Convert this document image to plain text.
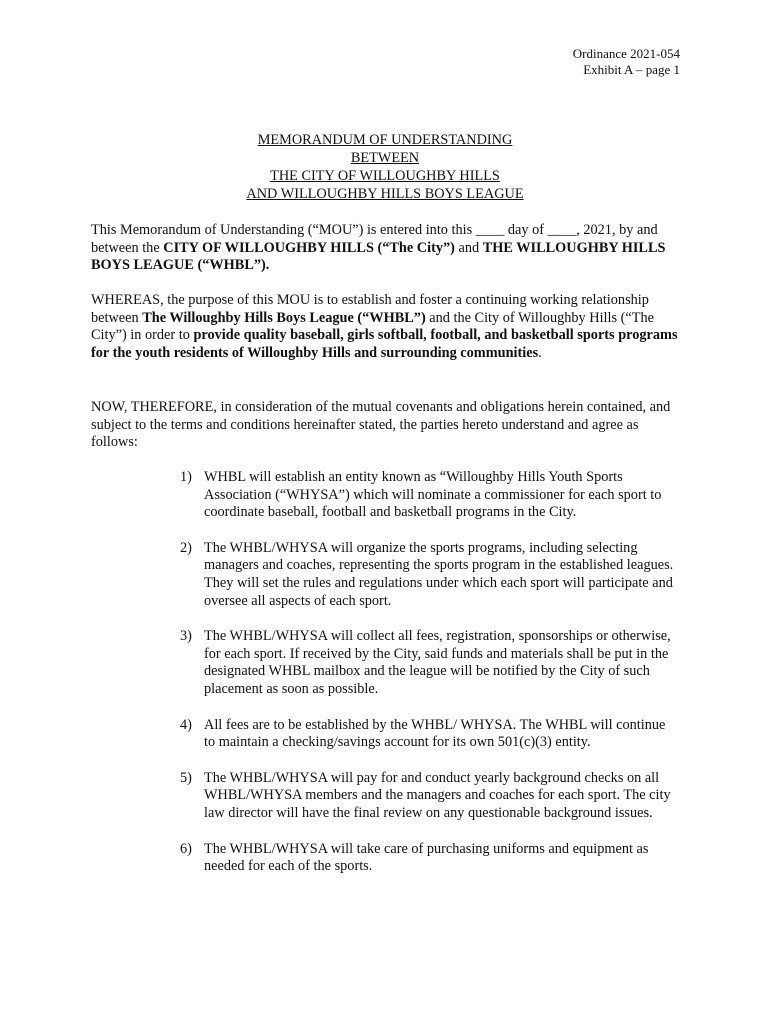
Ordinance 2021-054
Exhibit A – page 1
MEMORANDUM OF UNDERSTANDING
BETWEEN
THE CITY OF WILLOUGHBY HILLS
AND WILLOUGHBY HILLS BOYS LEAGUE

This Memorandum of Understanding (“MOU”) is entered into this ____ day of ____, 2021, by and between the CITY OF WILLOUGHBY HILLS (“The City”) and THE WILLOUGHBY HILLS BOYS LEAGUE (“WHBL”).

WHEREAS, the purpose of this MOU is to establish and foster a continuing working relationship between The Willoughby Hills Boys League (“WHBL”) and the City of Willoughby Hills (“The City”) in order to provide quality baseball, girls softball, football, and basketball sports programs for the youth residents of Willoughby Hills and surrounding communities.

NOW, THEREFORE, in consideration of the mutual covenants and obligations herein contained, and subject to the terms and conditions hereinafter stated, the parties hereto understand and agree as follows:

1) WHBL will establish an entity known as “Willoughby Hills Youth Sports Association (“WHYSA”) which will nominate a commissioner for each sport to coordinate baseball, football and basketball programs in the City.
2) The WHBL/WHYSA will organize the sports programs, including selecting managers and coaches, representing the sports program in the established leagues. They will set the rules and regulations under which each sport will participate and oversee all aspects of each sport.
3) The WHBL/WHYSA will collect all fees, registration, sponsorships or otherwise, for each sport. If received by the City, said funds and materials shall be put in the designated WHBL mailbox and the league will be notified by the City of such placement as soon as possible.
4) All fees are to be established by the WHBL/ WHYSA. The WHBL will continue to maintain a checking/savings account for its own 501(c)(3) entity.
5) The WHBL/WHYSA will pay for and conduct yearly background checks on all WHBL/WHYSA members and the managers and coaches for each sport. The city law director will have the final review on any questionable background issues.
6) The WHBL/WHYSA will take care of purchasing uniforms and equipment as needed for each of the sports.
